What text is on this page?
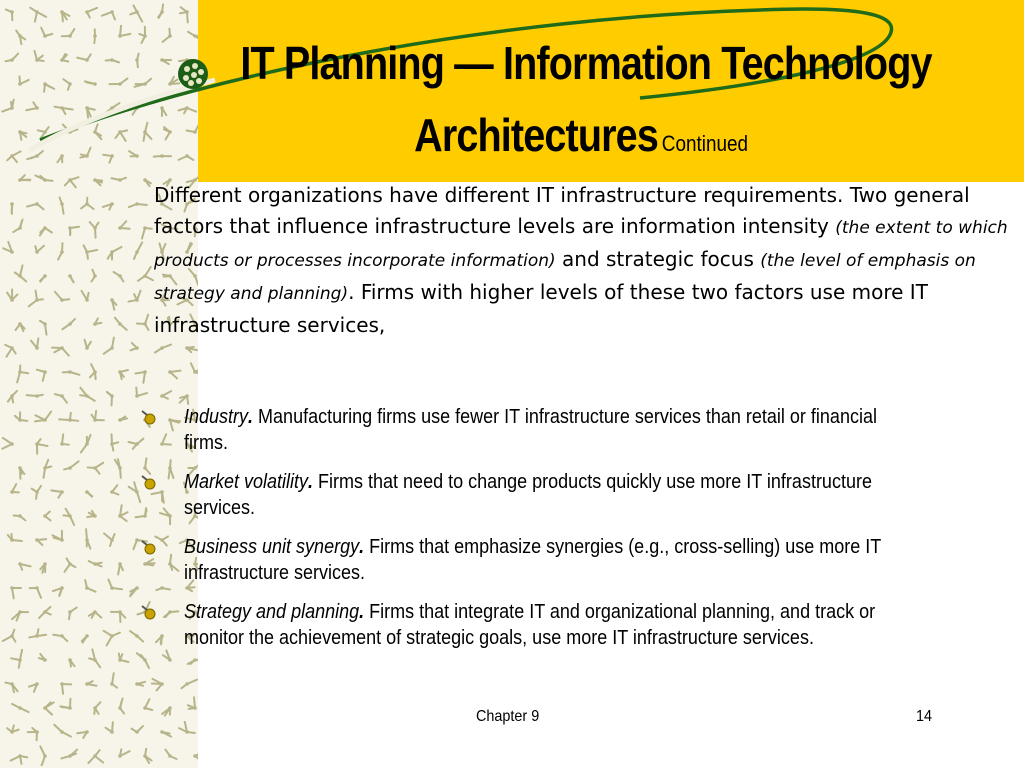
IT Planning — Information Technology
Architectures Continued
Different organizations have different IT infrastructure requirements. Two general factors that influence infrastructure levels are information intensity (the extent to which products or processes incorporate information) and strategic focus (the level of emphasis on strategy and planning). Firms with higher levels of these two factors use more IT infrastructure services,
Industry. Manufacturing firms use fewer IT infrastructure services than retail or financial firms.
Market volatility. Firms that need to change products quickly use more IT infrastructure services.
Business unit synergy. Firms that emphasize synergies (e.g., cross-selling) use more IT infrastructure services.
Strategy and planning. Firms that integrate IT and organizational planning, and track or monitor the achievement of strategic goals, use more IT infrastructure services.
Chapter 9	14
